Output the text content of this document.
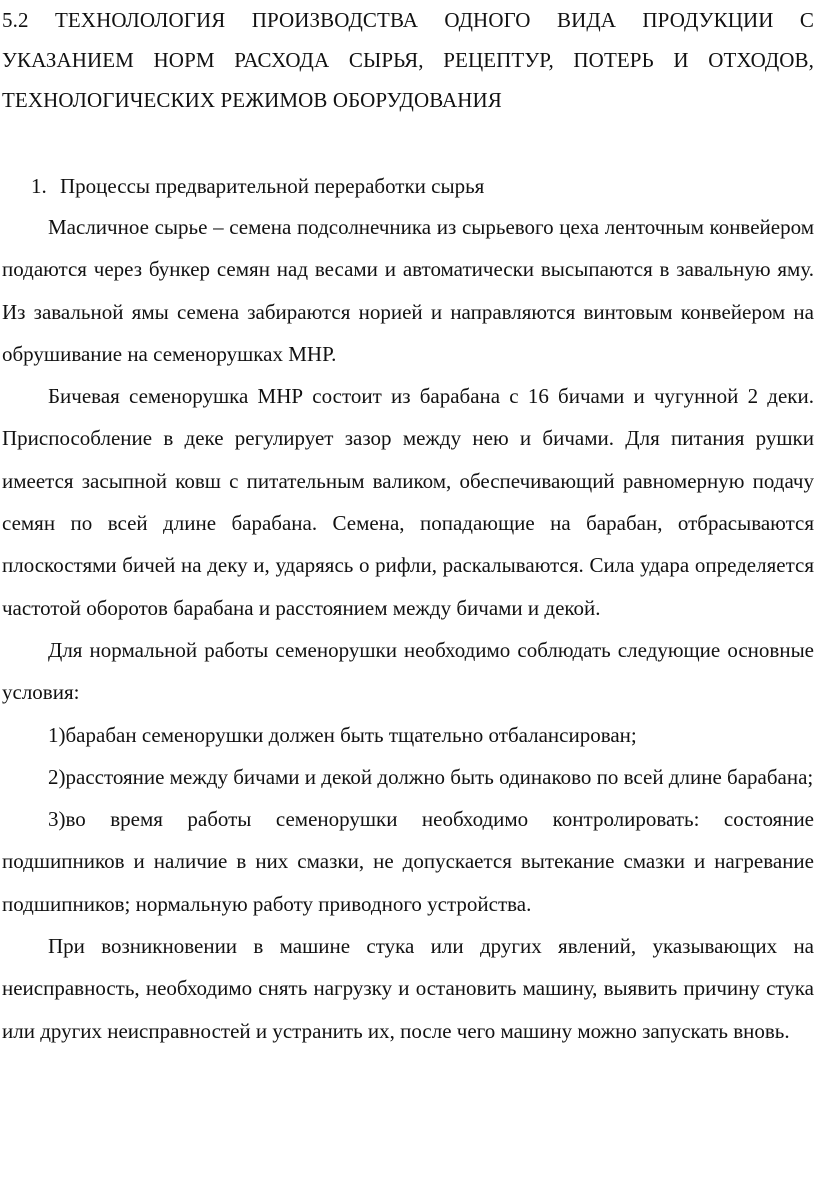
5.2 ТЕХНОЛОЛОГИЯ ПРОИЗВОДСТВА ОДНОГО ВИДА ПРОДУКЦИИ С УКАЗАНИЕМ НОРМ РАСХОДА СЫРЬЯ, РЕЦЕПТУР, ПОТЕРЬ И ОТХОДОВ, ТЕХНОЛОГИЧЕСКИХ РЕЖИМОВ ОБОРУДОВАНИЯ
1. Процессы предварительной переработки сырья

Масличное сырье – семена подсолнечника из сырьевого цеха ленточным конвейером подаются через бункер семян над весами и автоматически высыпаются в завальную яму. Из завальной ямы семена забираются норией и направляются винтовым конвейером на обрушивание на семенорушках МНР.

Бичевая семенорушка МНР состоит из барабана с 16 бичами и чугунной 2 деки. Приспособление в деке регулирует зазор между нею и бичами. Для питания рушки имеется засыпной ковш с питательным валиком, обеспечивающий равномерную подачу семян по всей длине барабана. Семена, попадающие на барабан, отбрасываются плоскостями бичей на деку и, ударяясь о рифли, раскалываются. Сила удара определяется частотой оборотов барабана и расстоянием между бичами и декой.

Для нормальной работы семенорушки необходимо соблюдать следующие основные условия:

1)барабан семенорушки должен быть тщательно отбалансирован;

2)расстояние между бичами и декой должно быть одинаково по всей длине барабана;

3)во время работы семенорушки необходимо контролировать: состояние подшипников и наличие в них смазки, не допускается вытекание смазки и нагревание подшипников; нормальную работу приводного устройства.

При возникновении в машине стука или других явлений, указывающих на неисправность, необходимо снять нагрузку и остановить машину, выявить причину стука или других неисправностей и устранить их, после чего машину можно запускать вновь.
